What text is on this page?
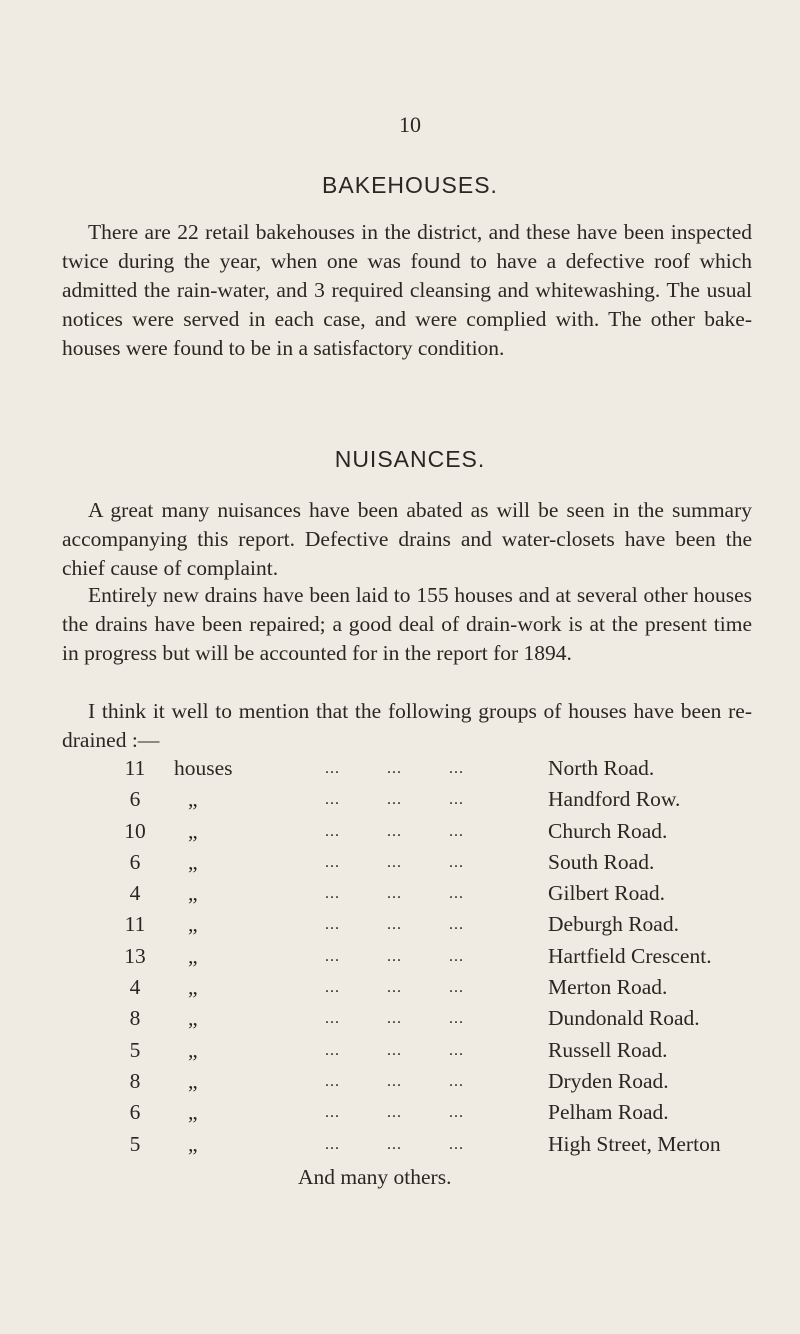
10
BAKEHOUSES.

There are 22 retail bakehouses in the district, and these have been inspected twice during the year, when one was found to have a defective roof which admitted the rain-water, and 3 required cleansing and whitewashing. The usual notices were served in each case, and were complied with. The other bake-houses were found to be in a satisfactory condition.

NUISANCES.

A great many nuisances have been abated as will be seen in the summary accompanying this report. Defective drains and water-closets have been the chief cause of complaint.

Entirely new drains have been laid to 155 houses and at several other houses the drains have been repaired; a good deal of drain-work is at the present time in progress but will be accounted for in the report for 1894.

I think it well to mention that the following groups of houses have been re-drained :—

11	houses	...	...	...	North Road.
6	„	...	...	...	Handford Row.
10	„	...	...	...	Church Road.
6	„	...	...	...	South Road.
4	„	...	...	...	Gilbert Road.
11	„	...	...	...	Deburgh Road.
13	„	...	...	...	Hartfield Crescent.
4	„	...	...	...	Merton Road.
8	„	...	...	...	Dundonald Road.
5	„	...	...	...	Russell Road.
8	„	...	...	...	Dryden Road.
6	„	...	...	...	Pelham Road.
5	„	...	...	...	High Street, Merton
And many others.
